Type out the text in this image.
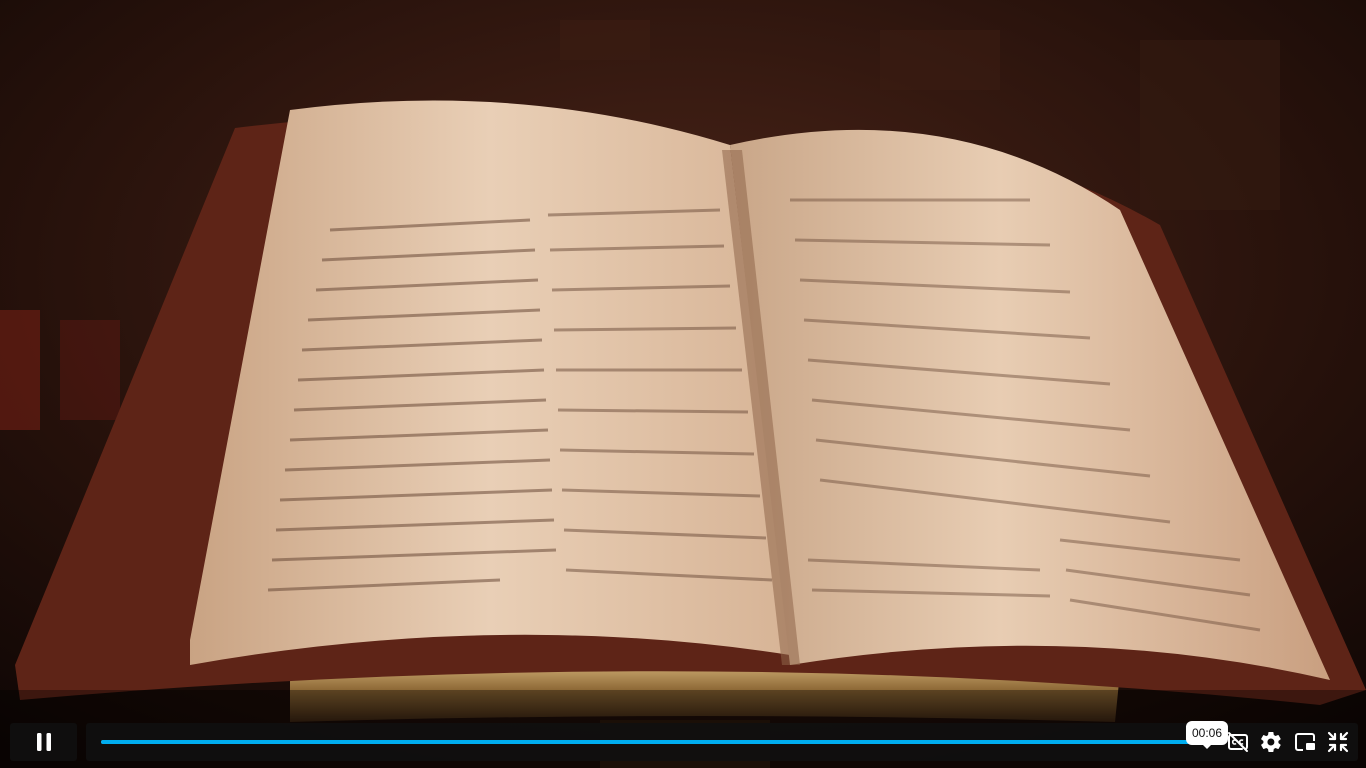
00:06
